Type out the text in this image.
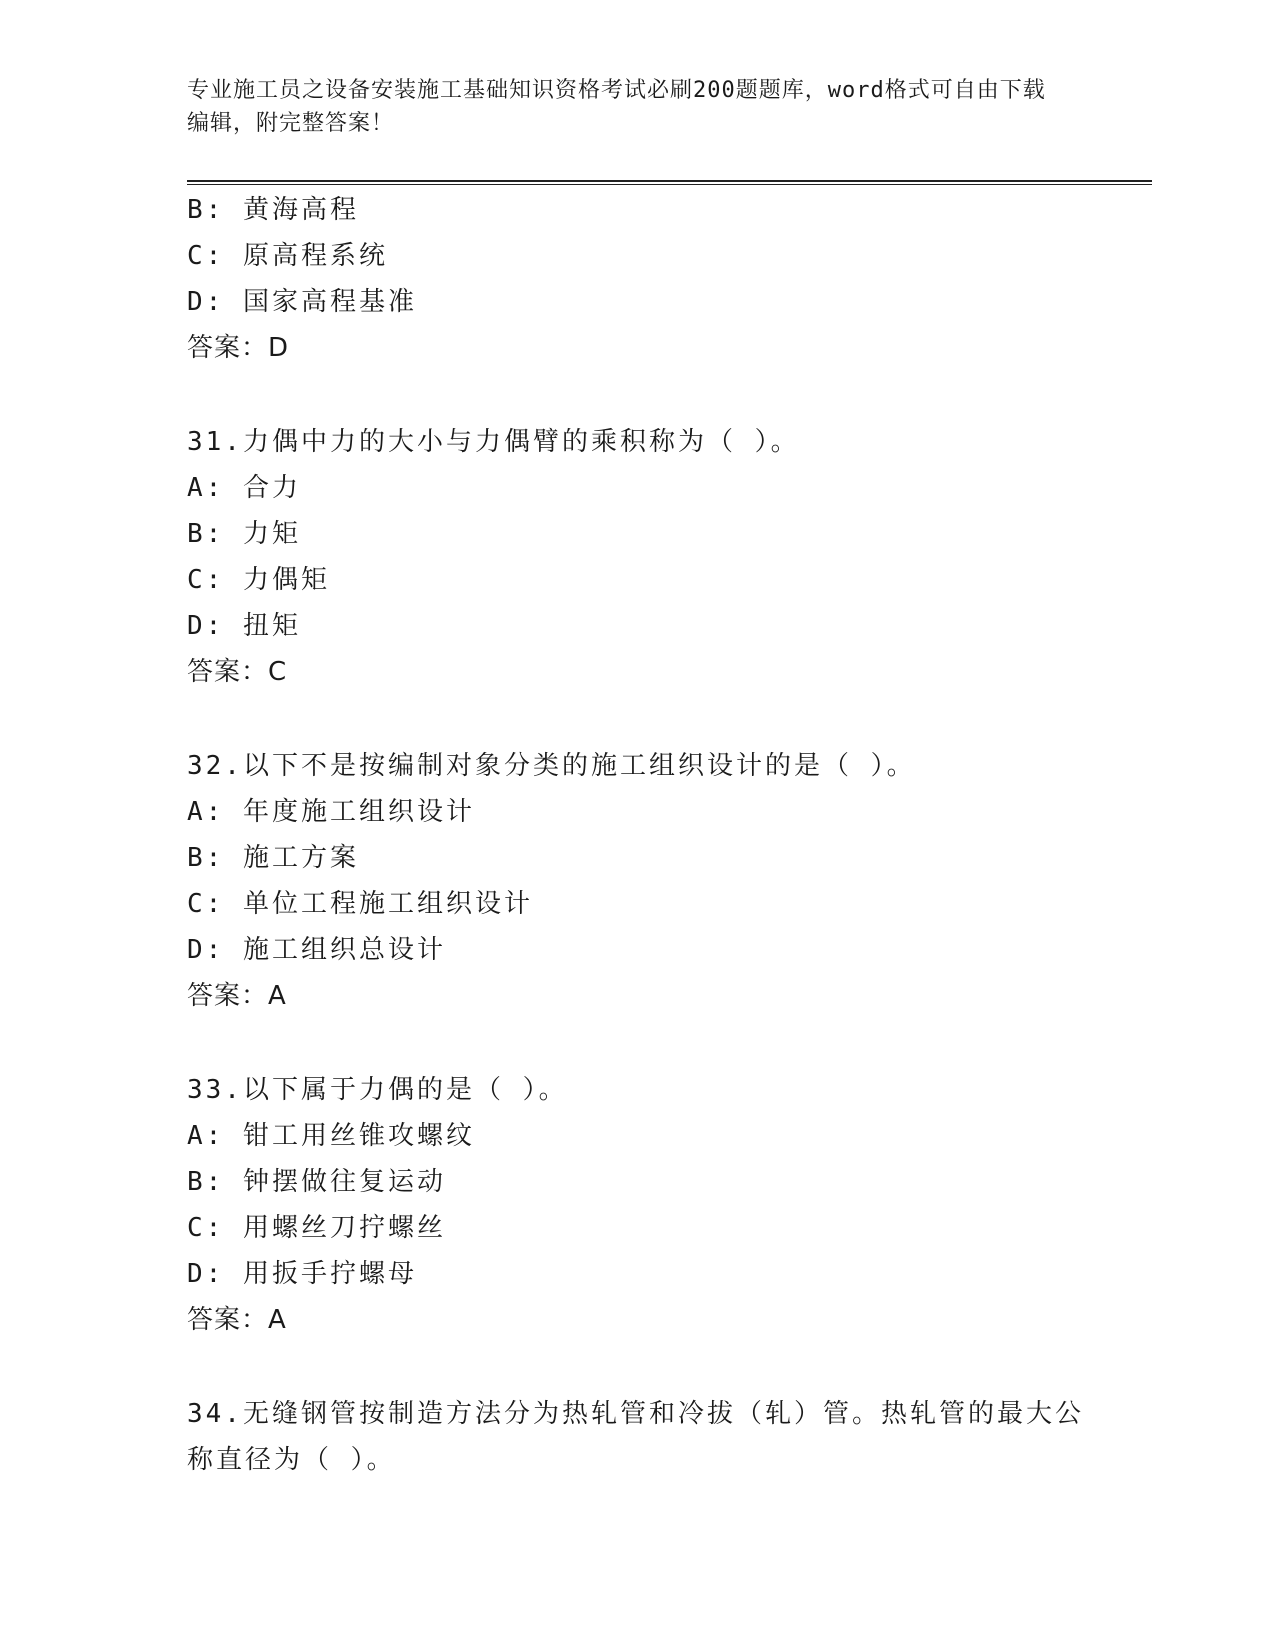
专业施工员之设备安装施工基础知识资格考试必刷200题题库，word格式可自由下载编辑，附完整答案！
B: 黄海高程
C: 原高程系统
D: 国家高程基准
答案：D
31.力偶中力的大小与力偶臂的乘积称为（ ）。
A: 合力
B: 力矩
C: 力偶矩
D: 扭矩
答案：C
32.以下不是按编制对象分类的施工组织设计的是（ ）。
A: 年度施工组织设计
B: 施工方案
C: 单位工程施工组织设计
D: 施工组织总设计
答案：A
33.以下属于力偶的是（ ）。
A: 钳工用丝锥攻螺纹
B: 钟摆做往复运动
C: 用螺丝刀拧螺丝
D: 用扳手拧螺母
答案：A
34.无缝钢管按制造方法分为热轧管和冷拔（轧）管。热轧管的最大公称直径为（ ）。
